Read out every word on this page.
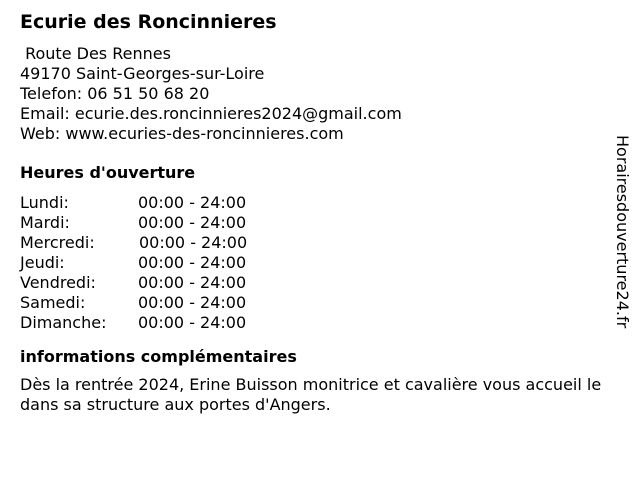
Ecurie des Roncinnieres
Route Des Rennes
49170 Saint-Georges-sur-Loire
Telefon: 06 51 50 68 20
Email: ecurie.des.roncinnieres2024@gmail.com
Web: www.ecuries-des-roncinnieres.com
Heures d'ouverture
Lundi:	00:00 - 24:00
Mardi:	00:00 - 24:00
Mercredi:	00:00 - 24:00
Jeudi:	00:00 - 24:00
Vendredi:	00:00 - 24:00
Samedi:	00:00 - 24:00
Dimanche: 00:00 - 24:00
informations complémentaires

Dès la rentrée 2024, Erine Buisson monitrice et cavalière vous accueil le dans sa structure aux portes d'Angers.

Horairesdouverture24.fr
